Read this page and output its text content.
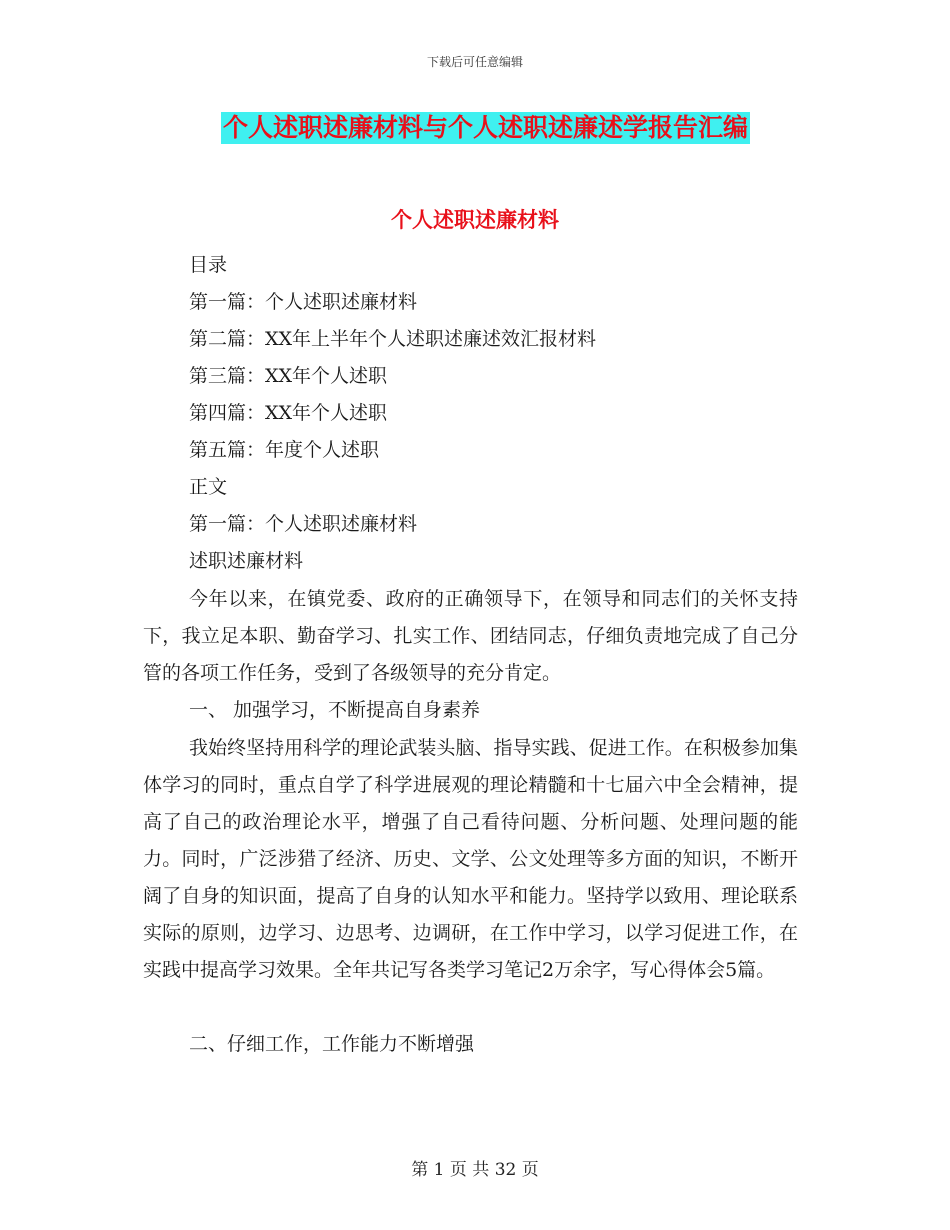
下载后可任意编辑
个人述职述廉材料与个人述职述廉述学报告汇编
个人述职述廉材料
目录
第一篇：个人述职述廉材料
第二篇：XX年上半年个人述职述廉述效汇报材料
第三篇：XX年个人述职
第四篇：XX年个人述职
第五篇：年度个人述职
正文
第一篇：个人述职述廉材料
述职述廉材料

今年以来，在镇党委、政府的正确领导下，在领导和同志们的关怀支持下，我立足本职、勤奋学习、扎实工作、团结同志，仔细负责地完成了自己分管的各项工作任务，受到了各级领导的充分肯定。

一、 加强学习，不断提高自身素养

我始终坚持用科学的理论武装头脑、指导实践、促进工作。在积极参加集体学习的同时，重点自学了科学进展观的理论精髓和十七届六中全会精神，提高了自己的政治理论水平，增强了自己看待问题、分析问题、处理问题的能力。同时，广泛涉猎了经济、历史、文学、公文处理等多方面的知识，不断开阔了自身的知识面，提高了自身的认知水平和能力。坚持学以致用、理论联系实际的原则，边学习、边思考、边调研，在工作中学习，以学习促进工作，在实践中提高学习效果。全年共记写各类学习笔记2万余字，写心得体会5篇。

二、仔细工作，工作能力不断增强
第 1 页 共 32 页
